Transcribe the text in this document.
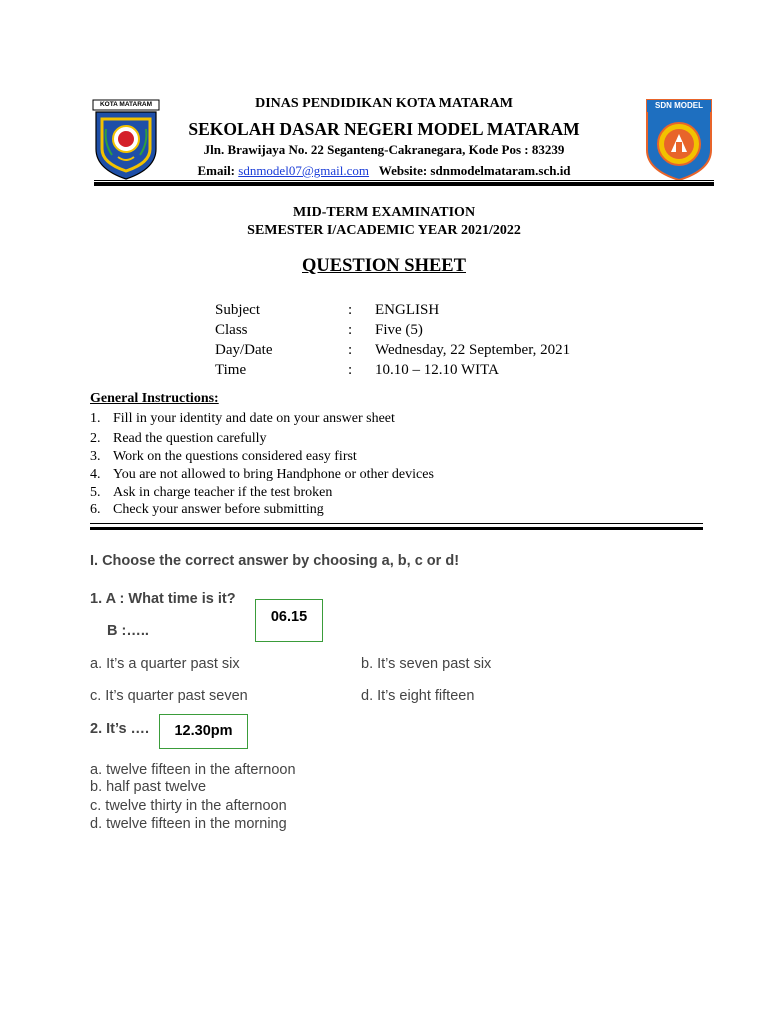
KOTA MATARAM	SDN MODEL
DINAS PENDIDIKAN KOTA MATARAM
SEKOLAH DASAR NEGERI MODEL MATARAM
Jln. Brawijaya No. 22 Seganteng-Cakranegara, Kode Pos : 83239
Email: sdnmodel07@gmail.com Website: sdnmodelmataram.sch.id
MID-TERM EXAMINATION
SEMESTER I/ACADEMIC YEAR 2021/2022
QUESTION SHEET
Subject	: ENGLISH
Class	: Five (5)
Day/Date	: Wednesday, 22 September, 2021
Time	: 10.10 – 12.10 WITA
General Instructions:
1. Fill in your identity and date on your answer sheet
2. Read the question carefully
3. Work on the questions considered easy first
4. You are not allowed to bring Handphone or other devices
5. Ask in charge teacher if the test broken
6. Check your answer before submitting
I. Choose the correct answer by choosing a, b, c or d!
1. A : What time is it?
B :…..
06.15
a. It’s a quarter past six	b. It’s seven past six
c. It’s quarter past seven	d. It’s eight fifteen
2. It’s ….	12.30pm
a. twelve fifteen in the afternoon
b. half past twelve
c. twelve thirty in the afternoon
d. twelve fifteen in the morning
